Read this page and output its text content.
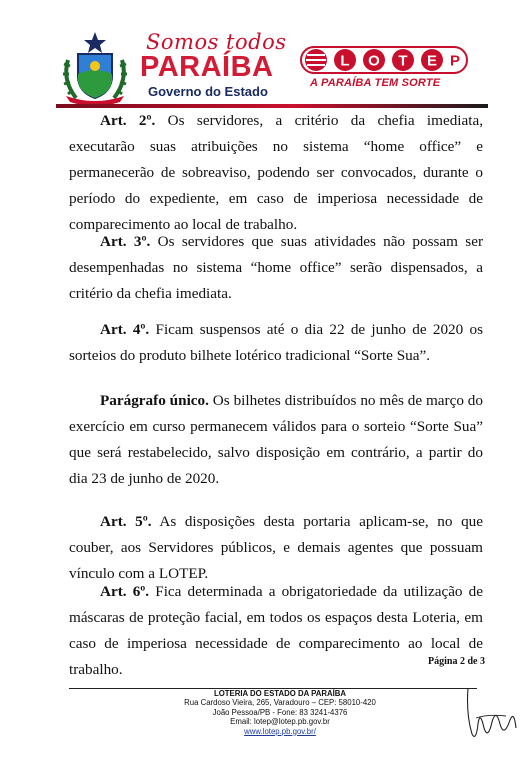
Somos todos
PARAÍBA
Governo do Estado
L O T E P
A PARAÍBA TEM SORTE
Art. 2º. Os servidores, a critério da chefia imediata, executarão suas atribuições no sistema “home office” e permanecerão de sobreaviso, podendo ser convocados, durante o período do expediente, em caso de imperiosa necessidade de comparecimento ao local de trabalho.
Art. 3º. Os servidores que suas atividades não possam ser desempenhadas no sistema “home office” serão dispensados, a critério da chefia imediata.
Art. 4º. Ficam suspensos até o dia 22 de junho de 2020 os sorteios do produto bilhete lotérico tradicional “Sorte Sua”.
Parágrafo único. Os bilhetes distribuídos no mês de março do exercício em curso permanecem válidos para o sorteio “Sorte Sua” que será restabelecido, salvo disposição em contrário, a partir do dia 23 de junho de 2020.
Art. 5º. As disposições desta portaria aplicam-se, no que couber, aos Servidores públicos, e demais agentes que possuam vínculo com a LOTEP.
Art. 6º. Fica determinada a obrigatoriedade da utilização de máscaras de proteção facial, em todos os espaços desta Loteria, em caso de imperiosa necessidade de comparecimento ao local de trabalho.	Página 2 de 3
LOTERIA DO ESTADO DA PARAÍBA
Rua Cardoso Vieira, 265, Varadouro – CEP: 58010-420
João Pessoa/PB - Fone: 83 3241-4376
Email: lotep@lotep.pb.gov.br
www.lotep.pb.gov.br/
